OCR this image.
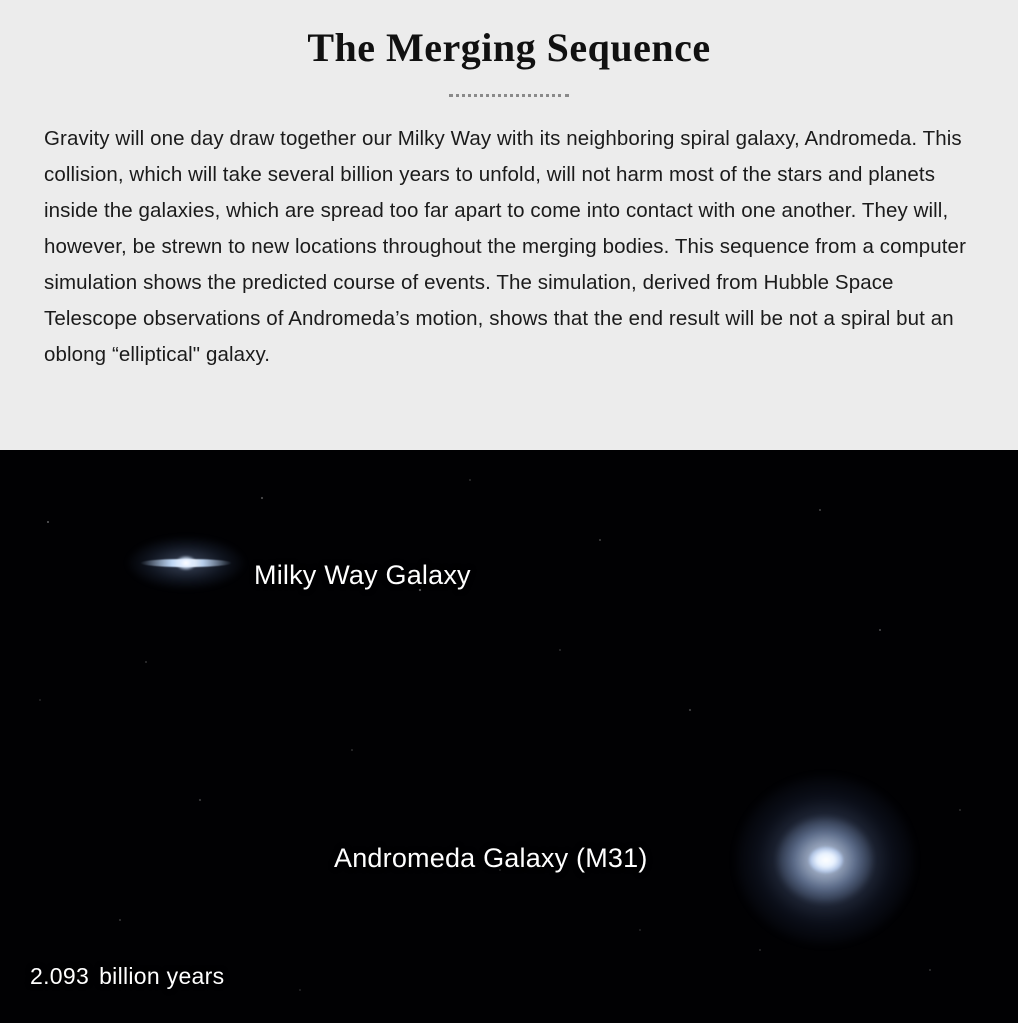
The Merging Sequence

Gravity will one day draw together our Milky Way with its neighboring spiral galaxy, Andromeda. This collision, which will take several billion years to unfold, will not harm most of the stars and planets inside the galaxies, which are spread too far apart to come into contact with one another. They will, however, be strewn to new locations throughout the merging bodies. This sequence from a computer simulation shows the predicted course of events. The simulation, derived from Hubble Space Telescope observations of Andromeda’s motion, shows that the end result will be not a spiral but an oblong “elliptical" galaxy.

Milky Way Galaxy
Andromeda Galaxy (M31)
2.093 billion years
